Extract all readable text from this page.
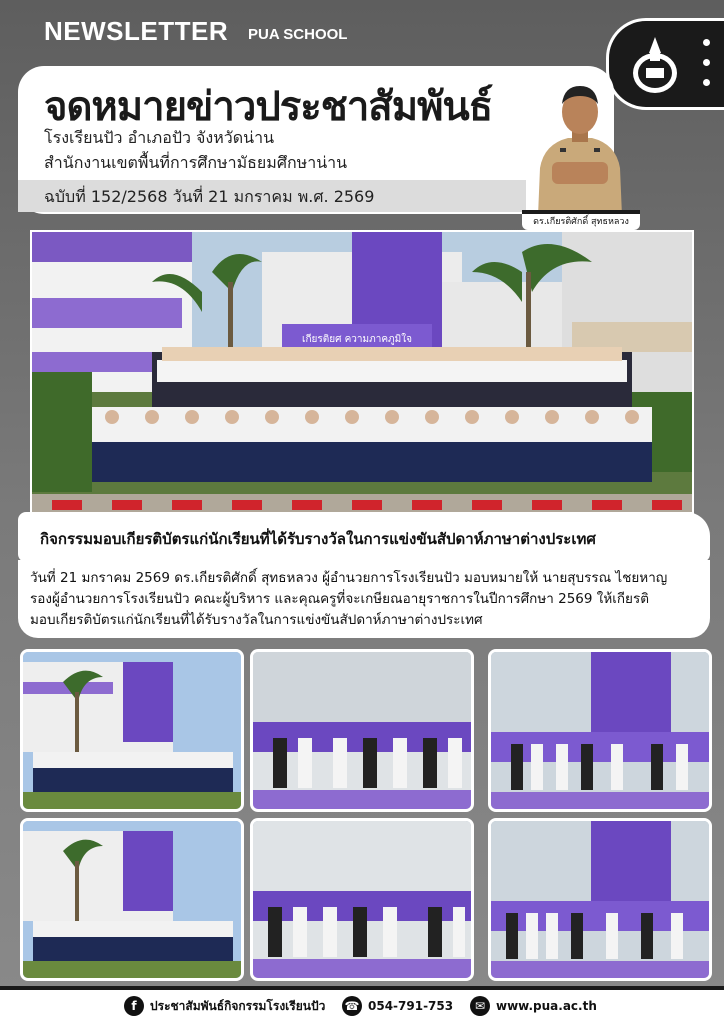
NEWSLETTER PUA SCHOOL
จดหมายข่าวประชาสัมพันธ์
โรงเรียนปัว อำเภอปัว จังหวัดน่าน
สำนักงานเขตพื้นที่การศึกษามัธยมศึกษาน่าน
ฉบับที่ 152/2568 วันที่ 21 มกราคม พ.ศ. 2569
ดร.เกียรติศักดิ์ สุทธหลวง
เกียรติยศ ความภาคภูมิใจ
กิจกรรมมอบเกียรติบัตรแก่นักเรียนที่ได้รับรางวัลในการแข่งขันสัปดาห์ภาษาต่างประเทศ
วันที่ 21 มกราคม 2569 ดร.เกียรติศักดิ์ สุทธหลวง ผู้อำนวยการโรงเรียนปัว มอบหมายให้ นายสุบรรณ ไชยหาญ
รองผู้อำนวยการโรงเรียนปัว คณะผู้บริหาร และคุณครูที่จะเกษียณอายุราชการในปีการศึกษา 2569 ให้เกียรติ
มอบเกียรติบัตรแก่นักเรียนที่ได้รับรางวัลในการแข่งขันสัปดาห์ภาษาต่างประเทศ
f	ประชาสัมพันธ์กิจกรรมโรงเรียนปัว ☎ 054-791-753	✉ www.pua.ac.th
